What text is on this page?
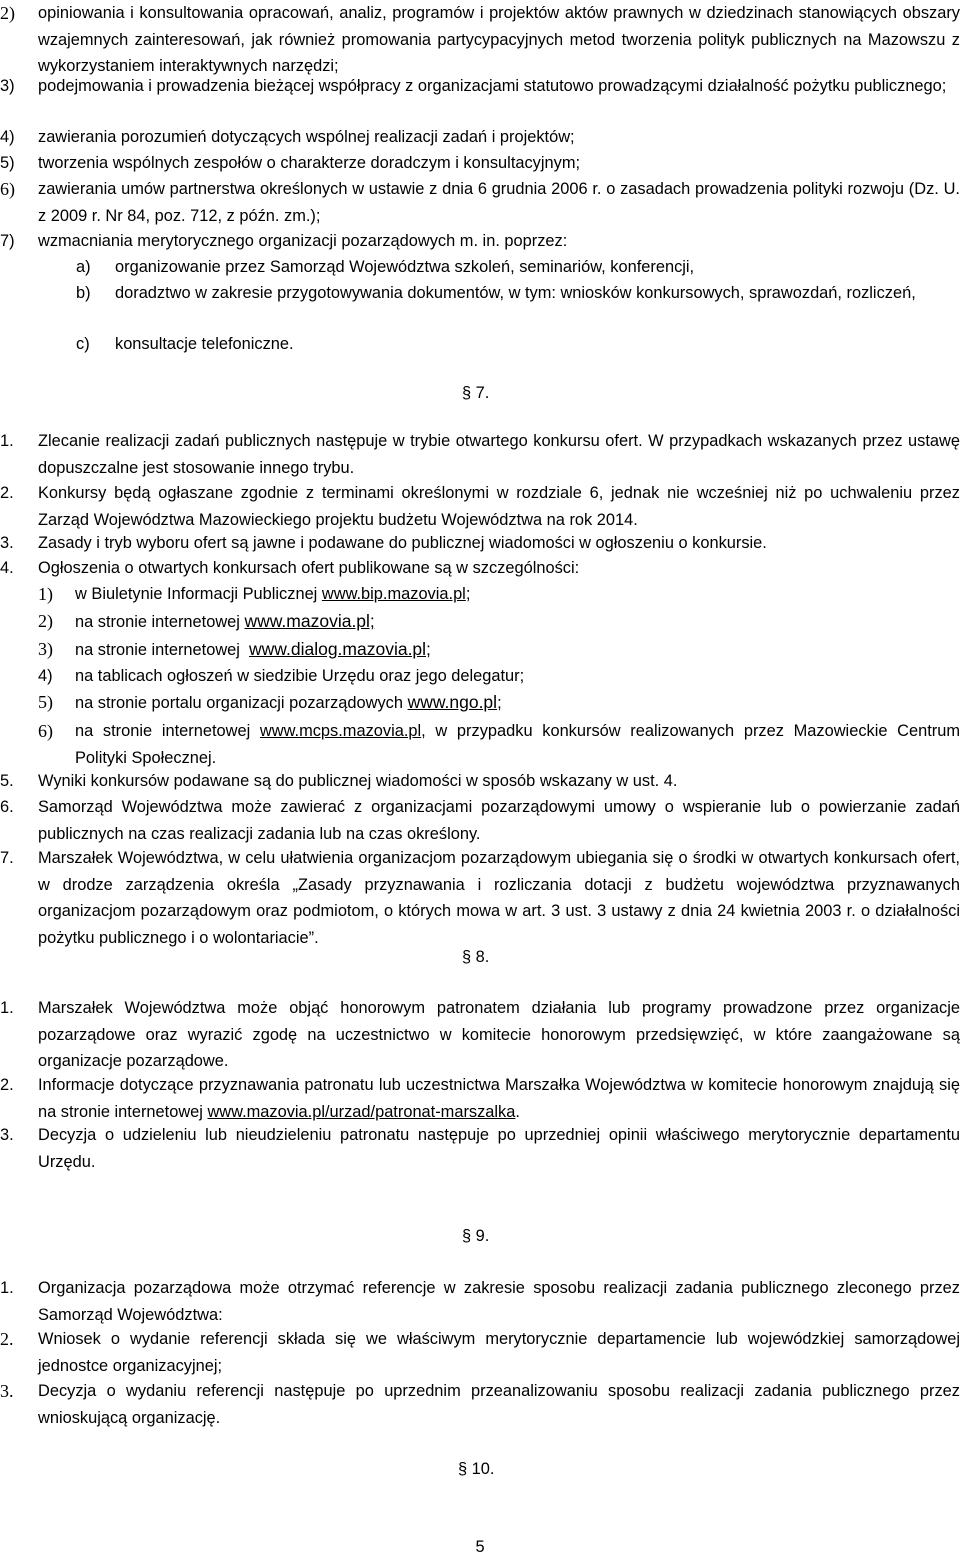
2) opiniowania i konsultowania opracowań, analiz, programów i projektów aktów prawnych w dziedzinach stanowiących obszary wzajemnych zainteresowań, jak również promowania partycypacyjnych metod tworzenia polityk publicznych na Mazowszu z wykorzystaniem interaktywnych narzędzi;
3) podejmowania i prowadzenia bieżącej współpracy z organizacjami statutowo prowadzącymi działalność pożytku publicznego;
4) zawierania porozumień dotyczących wspólnej realizacji zadań i projektów;
5) tworzenia wspólnych zespołów o charakterze doradczym i konsultacyjnym;
6) zawierania umów partnerstwa określonych w ustawie z dnia 6 grudnia 2006 r. o zasadach prowadzenia polityki rozwoju (Dz. U. z 2009 r. Nr 84, poz. 712, z późn. zm.);
7) wzmacniania merytorycznego organizacji pozarządowych m. in. poprzez:
a) organizowanie przez Samorząd Województwa szkoleń, seminariów, konferencji,
b) doradztwo w zakresie przygotowywania dokumentów, w tym: wniosków konkursowych, sprawozdań, rozliczeń,
c) konsultacje telefoniczne.
§ 7.
1. Zlecanie realizacji zadań publicznych następuje w trybie otwartego konkursu ofert. W przypadkach wskazanych przez ustawę dopuszczalne jest stosowanie innego trybu.
2. Konkursy będą ogłaszane zgodnie z terminami określonymi w rozdziale 6, jednak nie wcześniej niż po uchwaleniu przez Zarząd Województwa Mazowieckiego projektu budżetu Województwa na rok 2014.
3. Zasady i tryb wyboru ofert są jawne i podawane do publicznej wiadomości w ogłoszeniu o konkursie.
4. Ogłoszenia o otwartych konkursach ofert publikowane są w szczególności:
1) w Biuletynie Informacji Publicznej www.bip.mazovia.pl;
2) na stronie internetowej www.mazovia.pl;
3) na stronie internetowej  www.dialog.mazovia.pl;
4) na tablicach ogłoszeń w siedzibie Urzędu oraz jego delegatur;
5) na stronie portalu organizacji pozarządowych www.ngo.pl;
6) na stronie internetowej www.mcps.mazovia.pl, w przypadku konkursów realizowanych przez Mazowieckie Centrum Polityki Społecznej.
5. Wyniki konkursów podawane są do publicznej wiadomości w sposób wskazany w ust. 4.
6. Samorząd Województwa może zawierać z organizacjami pozarządowymi umowy o wspieranie lub o powierzanie zadań publicznych na czas realizacji zadania lub na czas określony.
7. Marszałek Województwa, w celu ułatwienia organizacjom pozarządowym ubiegania się o środki w otwartych konkursach ofert, w drodze zarządzenia określa „Zasady przyznawania i rozliczania dotacji z budżetu województwa przyznawanych organizacjom pozarządowym oraz podmiotom, o których mowa w art. 3 ust. 3 ustawy z dnia 24 kwietnia 2003 r. o działalności pożytku publicznego i o wolontariacie”.
§ 8.
1. Marszałek Województwa może objąć honorowym patronatem działania lub programy prowadzone przez organizacje pozarządowe oraz wyrazić zgodę na uczestnictwo w komitecie honorowym przedsięwzięć, w które zaangażowane są organizacje pozarządowe.
2. Informacje dotyczące przyznawania patronatu lub uczestnictwa Marszałka Województwa w komitecie honorowym znajdują się na stronie internetowej www.mazovia.pl/urzad/patronat-marszalka.
3. Decyzja o udzieleniu lub nieudzieleniu patronatu następuje po uprzedniej opinii właściwego merytorycznie departamentu Urzędu.
§ 9.
1. Organizacja pozarządowa może otrzymać referencje w zakresie sposobu realizacji zadania publicznego zleconego przez Samorząd Województwa:
2. Wniosek o wydanie referencji składa się we właściwym merytorycznie departamencie lub wojewódzkiej samorządowej jednostce organizacyjnej;
3. Decyzja o wydaniu referencji następuje po uprzednim przeanalizowaniu sposobu realizacji zadania publicznego przez wnioskującą organizację.
§ 10.
5
